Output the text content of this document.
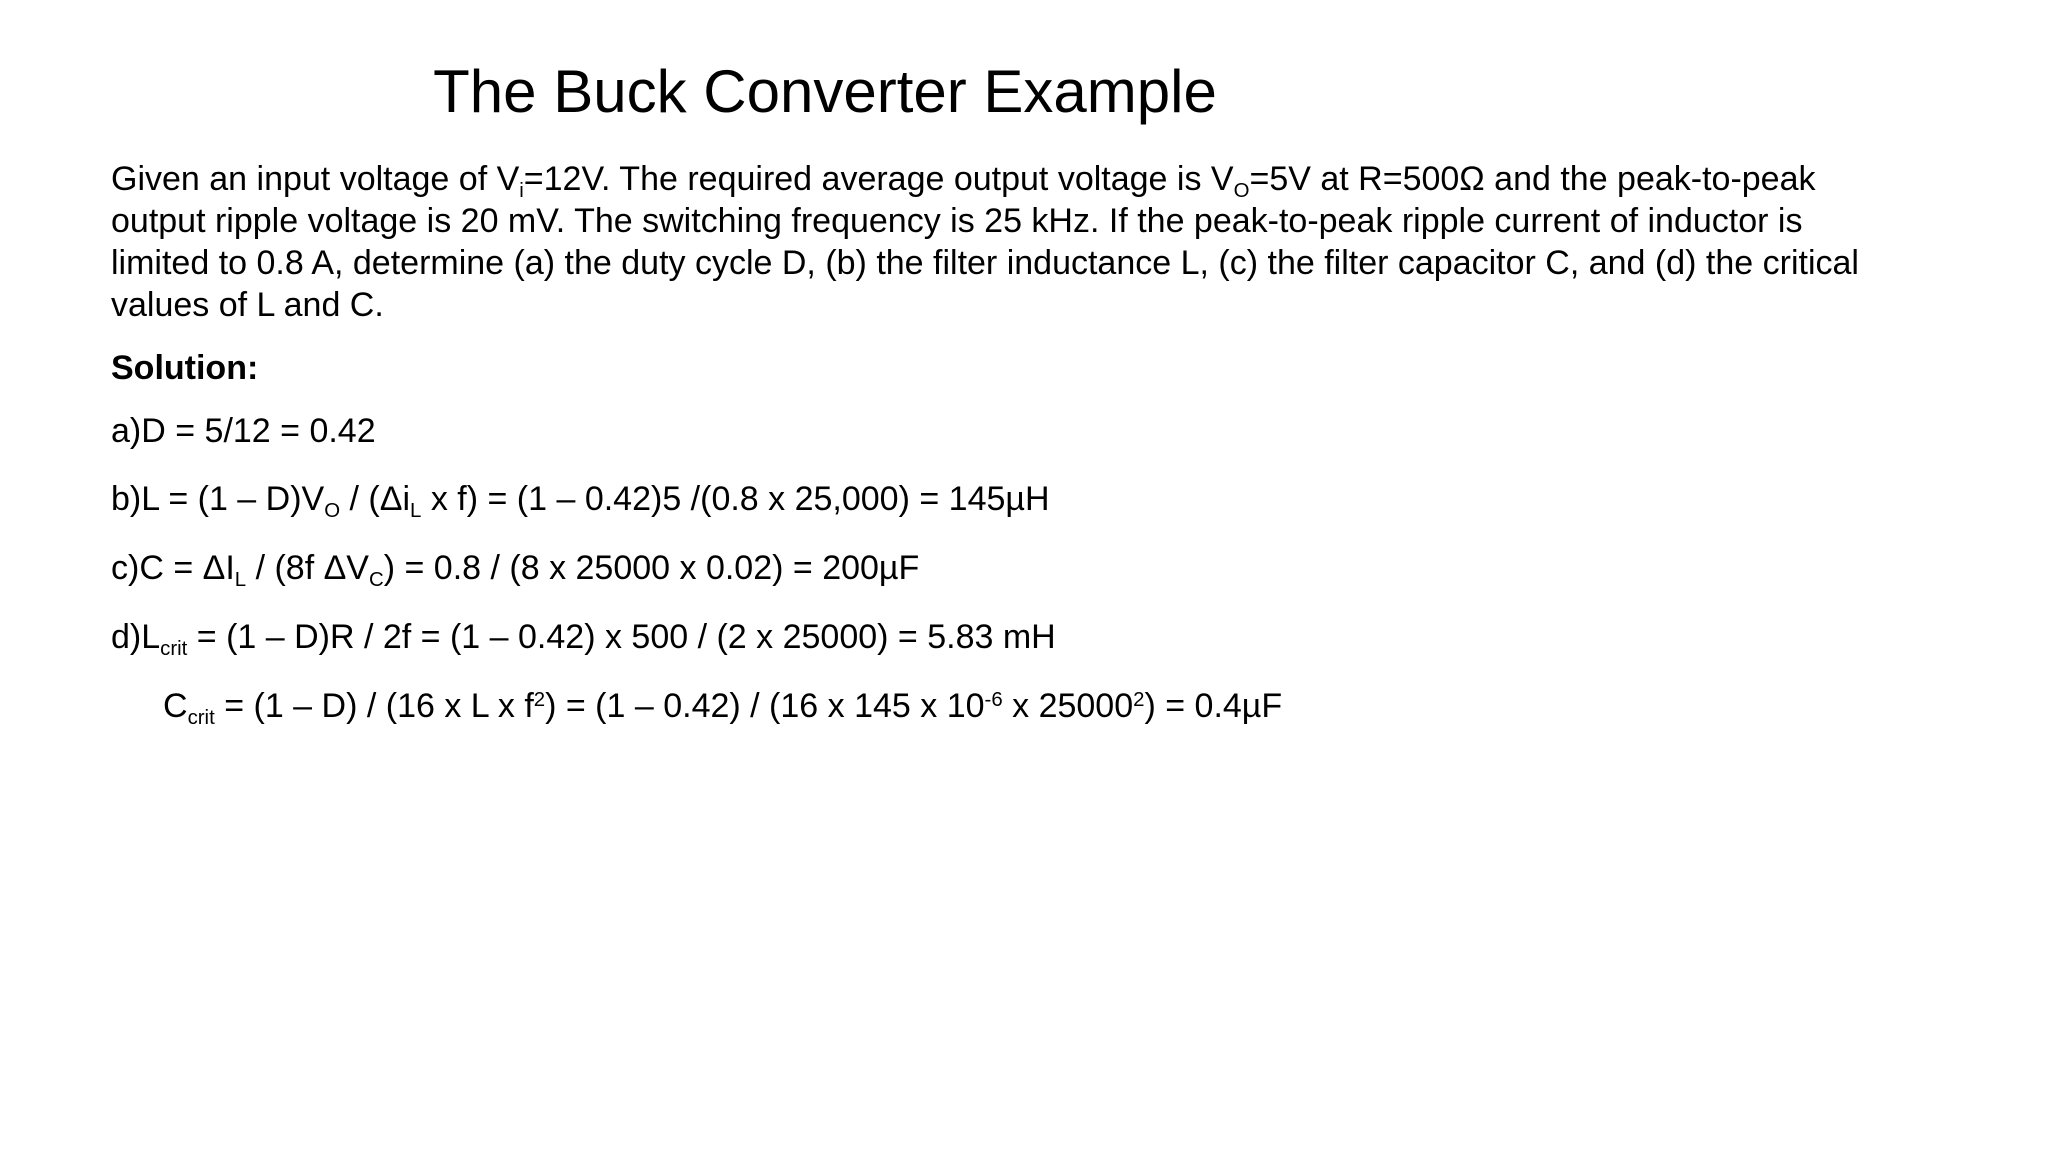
The Buck Converter Example

Given an input voltage of $V_i=12V$. The required average output voltage is $V_O=5V$ at R=500Ω and the peak-to-peak output ripple voltage is 20 mV. The switching frequency is 25 kHz. If the peak-to-peak ripple current of inductor is limited to 0.8 A, determine (a) the duty cycle D, (b) the filter inductance L, (c) the filter capacitor C, and (d) the critical values of L and C.

Solution:

a)D = 5/12 = 0.42

$b)L = (1 - D)V_O / (\Delta i_L$ x f) = (1 – 0.42)5 /(0.8 x 25,000) = 145µH

$c)C = \Delta I_L / (8f$ $\Delta V_C) = 0.8 / (8$ x 25000 x 0.02) = 200µF

$d)L_{crit} = (1 - D)R / 2f = (1 - 0.42)$ x 500 / (2 x 25000) = 5.83 mH

$C_{crit} = (1 - D) / (16$ x L x $f^2) = (1 - 0.42) / (16$ x 145 x $10^{-6}$ x $25000^2) = 0.4\mu F$
